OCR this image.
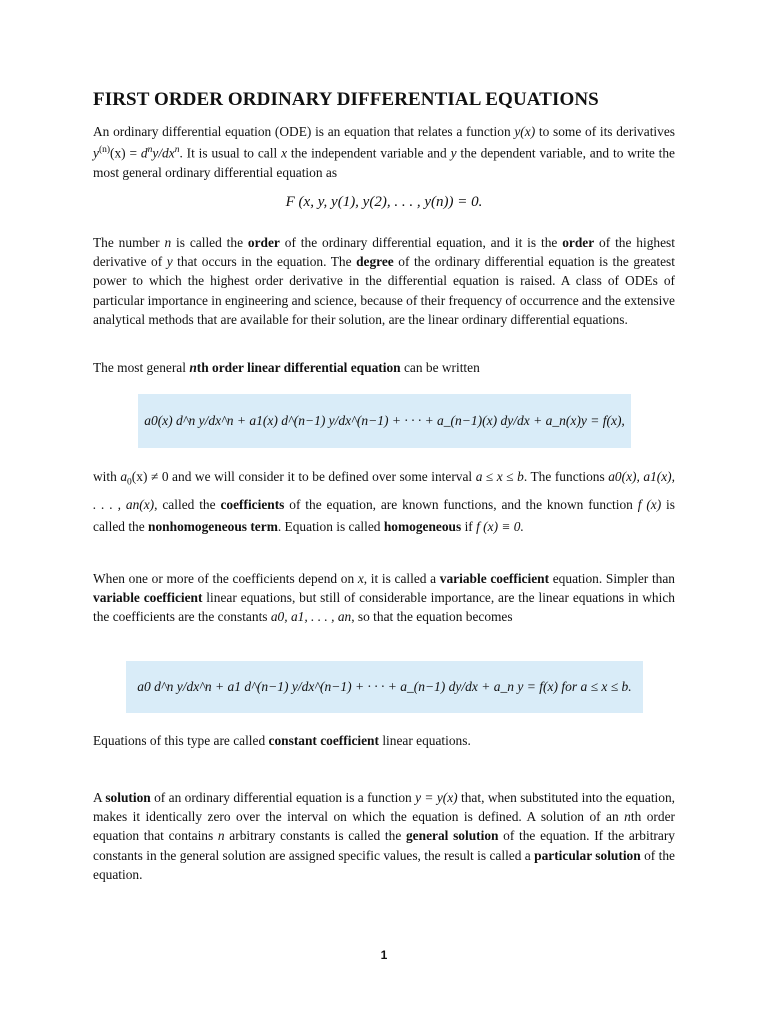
FIRST ORDER ORDINARY DIFFERENTIAL EQUATIONS

An ordinary differential equation (ODE) is an equation that relates a function y(x) to some of its derivatives $y^{(n)}(x) = d^ny/dx^n$. It is usual to call x the independent variable and y the dependent variable, and to write the most general ordinary differential equation as

F (x, y, y(1), y(2), . . . , y(n)) = 0.

The number n is called the order of the ordinary differential equation, and it is the order of the highest derivative of y that occurs in the equation. The degree of the ordinary differential equation is the greatest power to which the highest order derivative in the differential equation is raised. A class of ODEs of particular importance in engineering and science, because of their frequency of occurrence and the extensive analytical methods that are available for their solution, are the linear ordinary differential equations.

The most general nth order linear differential equation can be written

a0(x) d^n y/dx^n + a1(x) d^(n−1) y/dx^(n−1) + · · · + a_(n−1)(x) dy/dx + a_n(x)y = f(x),

with $a_0(x) \ne 0$ and we will consider it to be defined over some interval a ≤ x ≤ b. The functions a0(x), a1(x), . . . , an(x), called the coefficients of the equation, are known functions, and the known function f (x) is called the nonhomogeneous term. Equation is called homogeneous if f (x) ≡ 0.

When one or more of the coefficients depend on x, it is called a variable coefficient equation. Simpler than variable coefficient linear equations, but still of considerable importance, are the linear equations in which the coefficients are the constants a0, a1, . . . , an, so that the equation becomes

a0 d^n y/dx^n + a1 d^(n−1) y/dx^(n−1) + · · · + a_(n−1) dy/dx + a_n y = f(x) for a ≤ x ≤ b.

Equations of this type are called constant coefficient linear equations.

A solution of an ordinary differential equation is a function y = y(x) that, when substituted into the equation, makes it identically zero over the interval on which the equation is defined. A solution of an nth order equation that contains n arbitrary constants is called the general solution of the equation. If the arbitrary constants in the general solution are assigned specific values, the result is called a particular solution of the equation.

1
